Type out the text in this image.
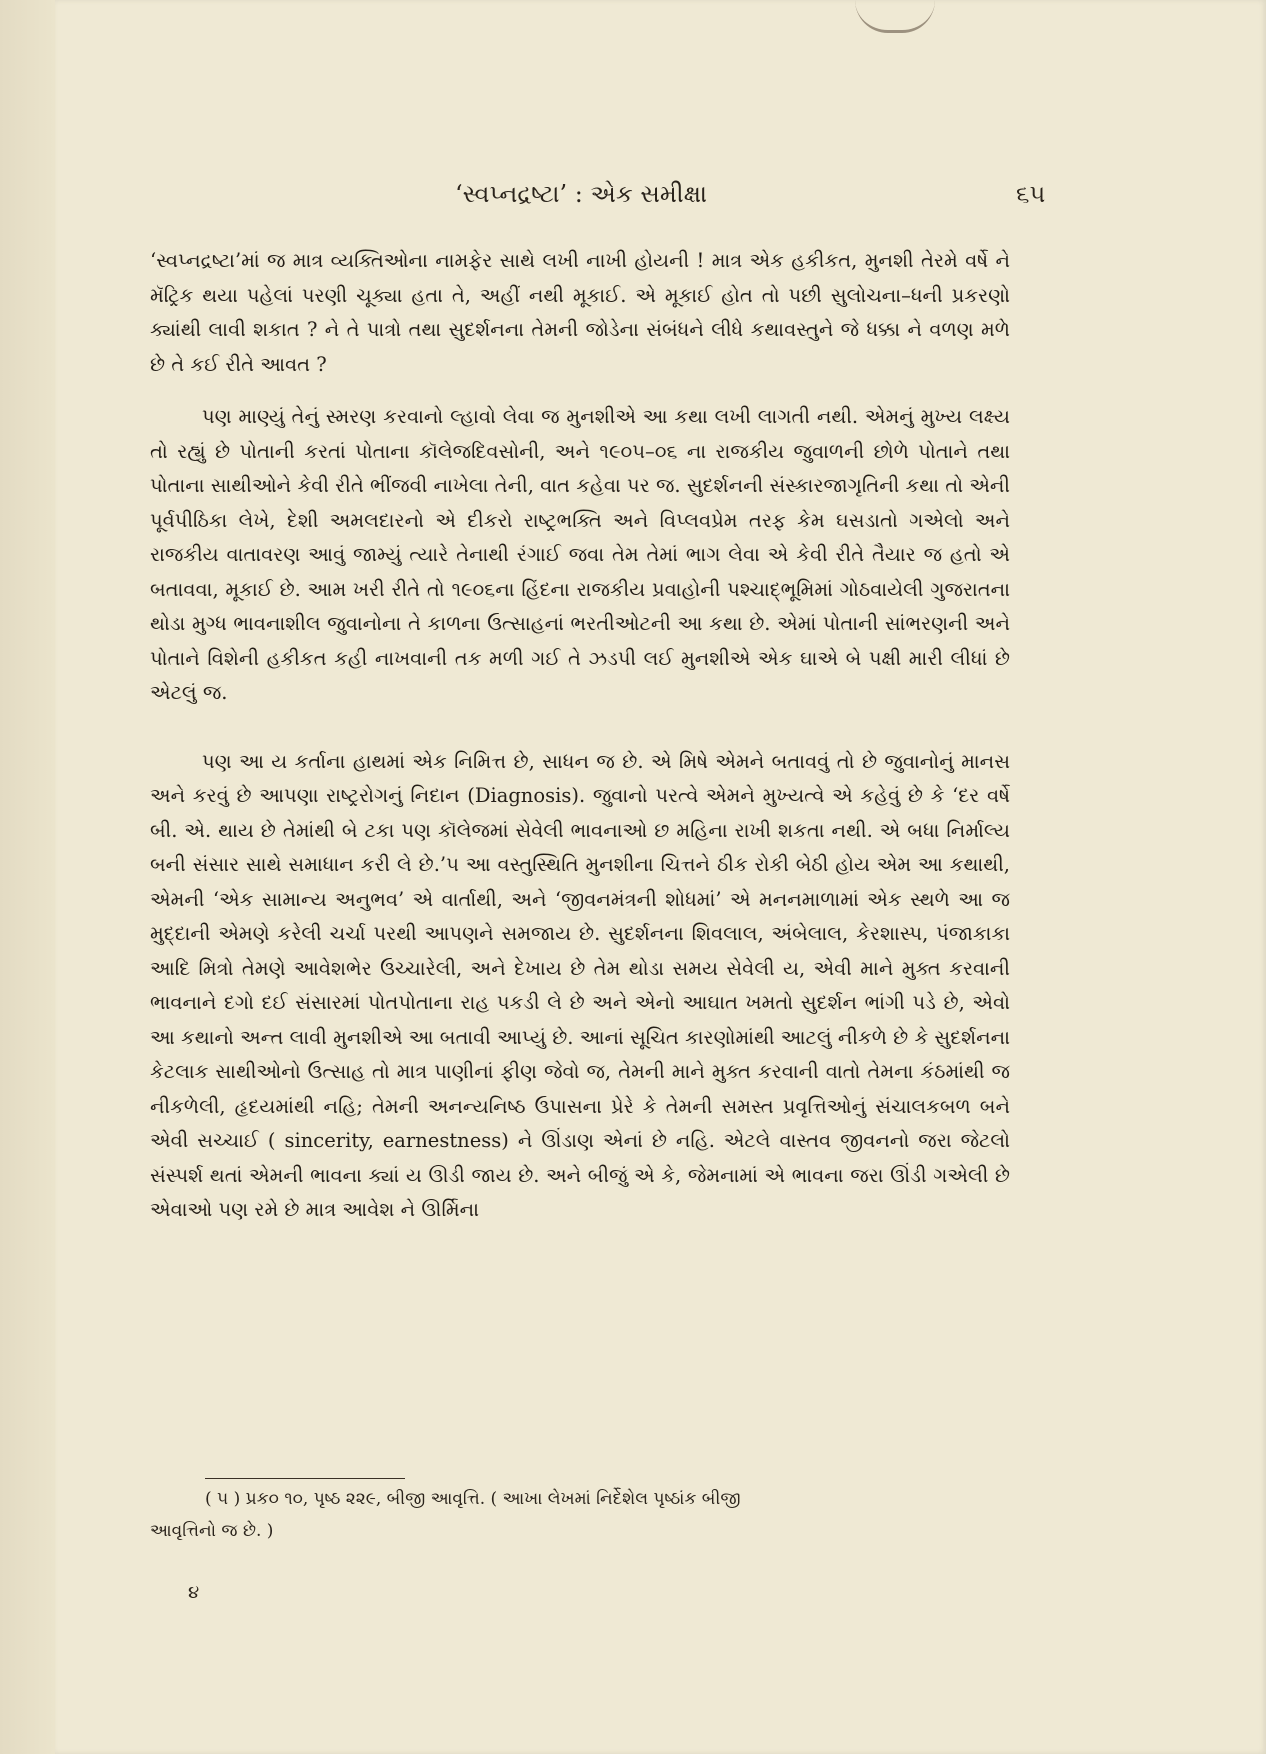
‘સ્વપ્નદ્રષ્ટા’ : એક સમીક્ષા	૬૫

‘સ્વપ્નદ્રષ્ટા’માં જ માત્ર વ્યક્તિઓના નામફેર સાથે લખી નાખી હોયની ! માત્ર એક હકીકત, મુનશી તેરમે વર્ષે ને મૅટ્રિક થયા પહેલાં પરણી ચૂક્યા હતા તે, અહીં નથી મૂકાઈ. એ મૂકાઈ હોત તો પછી સુલોચના–ધની પ્રકરણો ક્યાંથી લાવી શકાત ? ને તે પાત્રો તથા સુદર્શનના તેમની જોડેના સંબંધને લીધે કથાવસ્તુને જે ધક્કા ને વળણ મળે છે તે કઈ રીતે આવત ?

પણ માણ્યું તેનું સ્મરણ કરવાનો લ્હાવો લેવા જ મુનશીએ આ કથા લખી લાગતી નથી. એમનું મુખ્ય લક્ષ્ય તો રહ્યું છે પોતાની કરતાં પોતાના કૉલેજદિવસોની, અને ૧૯૦૫–૦૬ ના રાજકીય જુવાળની છોળે પોતાને તથા પોતાના સાથીઓને કેવી રીતે ભીંજવી નાખેલા તેની, વાત કહેવા પર જ. સુદર્શનની સંસ્કારજાગૃતિની કથા તો એની પૂર્વપીઠિકા લેખે, દેશી અમલદારનો એ દીકરો રાષ્ટ્રભક્તિ અને વિપ્લવપ્રેમ તરફ કેમ ઘસડાતો ગએલો અને રાજકીય વાતાવરણ આવું જામ્યું ત્યારે તેનાથી રંગાઈ જવા તેમ તેમાં ભાગ લેવા એ કેવી રીતે તૈયાર જ હતો એ બતાવવા, મૂકાઈ છે. આમ ખરી રીતે તો ૧૯૦૬ના હિંદના રાજકીય પ્રવાહોની પશ્ચાદ્ભૂમિમાં ગોઠવાયેલી ગુજરાતના થોડા મુગ્ધ ભાવનાશીલ જુવાનોના તે કાળના ઉત્સાહનાં ભરતીઓટની આ કથા છે. એમાં પોતાની સાંભરણની અને પોતાને વિશેની હકીકત કહી નાખવાની તક મળી ગઈ તે ઝડપી લઈ મુનશીએ એક ઘાએ બે પક્ષી મારી લીધાં છે એટલું જ.

પણ આ ય કર્તાના હાથમાં એક નિમિત્ત છે, સાધન જ છે. એ મિષે એમને બતાવવું તો છે જુવાનોનું માનસ અને કરવું છે આપણા રાષ્ટ્રરોગનું નિદાન (Diagnosis). જુવાનો પરત્વે એમને મુખ્યત્વે એ કહેવું છે કે ‘દર વર્ષે બી. એ. થાય છે તેમાંથી બે ટકા પણ કૉલેજમાં સેવેલી ભાવનાઓ છ મહિના રાખી શકતા નથી. એ બધા નિર્માલ્ય બની સંસાર સાથે સમાધાન કરી લે છે.’૫ આ વસ્તુસ્થિતિ મુનશીના ચિત્તને ઠીક રોકી બેઠી હોય એમ આ કથાથી, એમની ‘એક સામાન્ય અનુભવ’ એ વાર્તાથી, અને ‘જીવનમંત્રની શોધમાં’ એ મનનમાળામાં એક સ્થળે આ જ મુદ્દાની એમણે કરેલી ચર્ચા પરથી આપણને સમજાય છે. સુદર્શનના શિવલાલ, અંબેલાલ, કેરશાસ્પ, પંજાકાકા આદિ મિત્રો તેમણે આવેશભેર ઉચ્ચારેલી, અને દેખાય છે તેમ થોડા સમય સેવેલી ય, એવી માને મુક્ત કરવાની ભાવનાને દગો દઈ સંસારમાં પોતપોતાના રાહ પકડી લે છે અને એનો આઘાત ખમતો સુદર્શન ભાંગી પડે છે, એવો આ કથાનો અન્ત લાવી મુનશીએ આ બતાવી આપ્યું છે. આનાં સૂચિત કારણોમાંથી આટલું નીકળે છે કે સુદર્શનના કેટલાક સાથીઓનો ઉત્સાહ તો માત્ર પાણીનાં ફીણ જેવો જ, તેમની માને મુક્ત કરવાની વાતો તેમના કંઠમાંથી જ નીકળેલી, હૃદયમાંથી નહિ; તેમની અનન્યનિષ્ઠ ઉપાસના પ્રેરે કે તેમની સમસ્ત પ્રવૃત્તિઓનું સંચાલકબળ બને એવી સચ્ચાઈ ( sincerity, earnestness) ને ઊંડાણ એનાં છે નહિ. એટલે વાસ્તવ જીવનનો જરા જેટલો સંસ્પર્શ થતાં એમની ભાવના ક્યાં ય ઊડી જાય છે. અને બીજું એ કે, જેમનામાં એ ભાવના જરા ઊંડી ગએલી છે એવાઓ પણ રમે છે માત્ર આવેશ ને ઊર્મિના

( ૫ ) પ્રક૦ ૧૦, પૃષ્ઠ ૨૨૯, બીજી આવૃત્તિ. ( આખા લેખમાં નિર્દેશેલ પૃષ્ઠાંક બીજી
આવૃત્તિનો જ છે. )
૪
